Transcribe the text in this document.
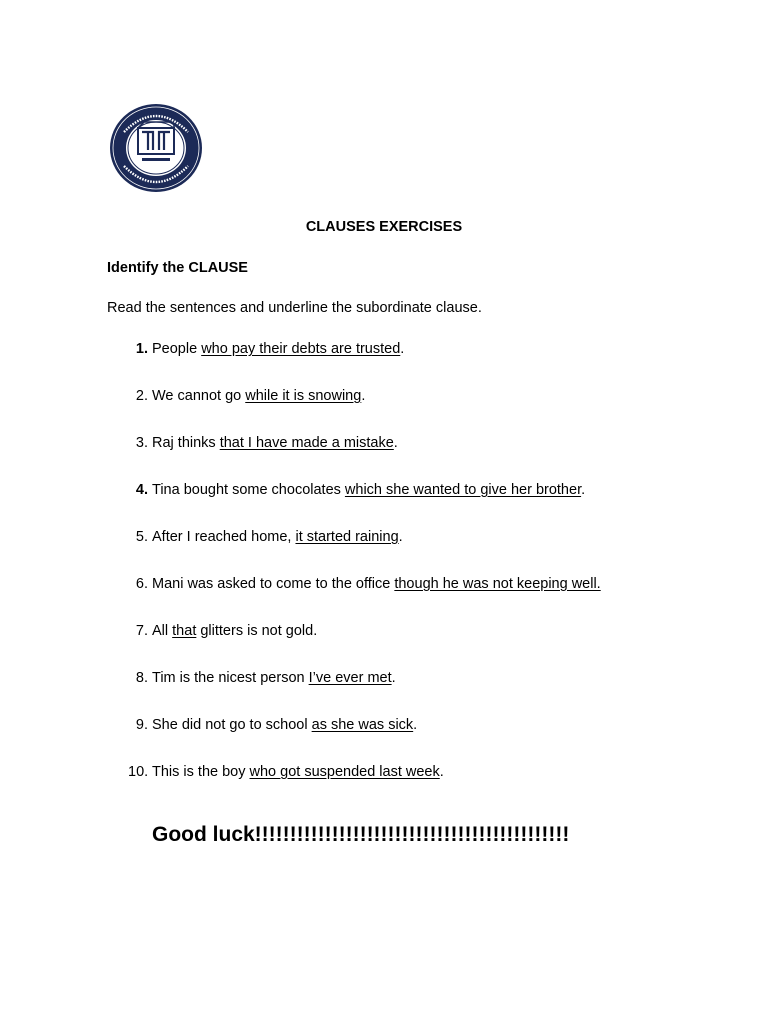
CLAUSES EXERCISES
Identify the CLAUSE
Read the sentences and underline the subordinate clause.
1. People who pay their debts are trusted.
2. We cannot go while it is snowing.
3. Raj thinks that I have made a mistake.
4. Tina bought some chocolates which she wanted to give her brother.
5. After I reached home, it started raining.
6. Mani was asked to come to the office though he was not keeping well.
7. All that glitters is not gold.
8. Tim is the nicest person I’ve ever met.
9. She did not go to school as she was sick.
10. This is the boy who got suspended last week.
Good luck!!!!!!!!!!!!!!!!!!!!!!!!!!!!!!!!!!!!!!!!!!!!!
